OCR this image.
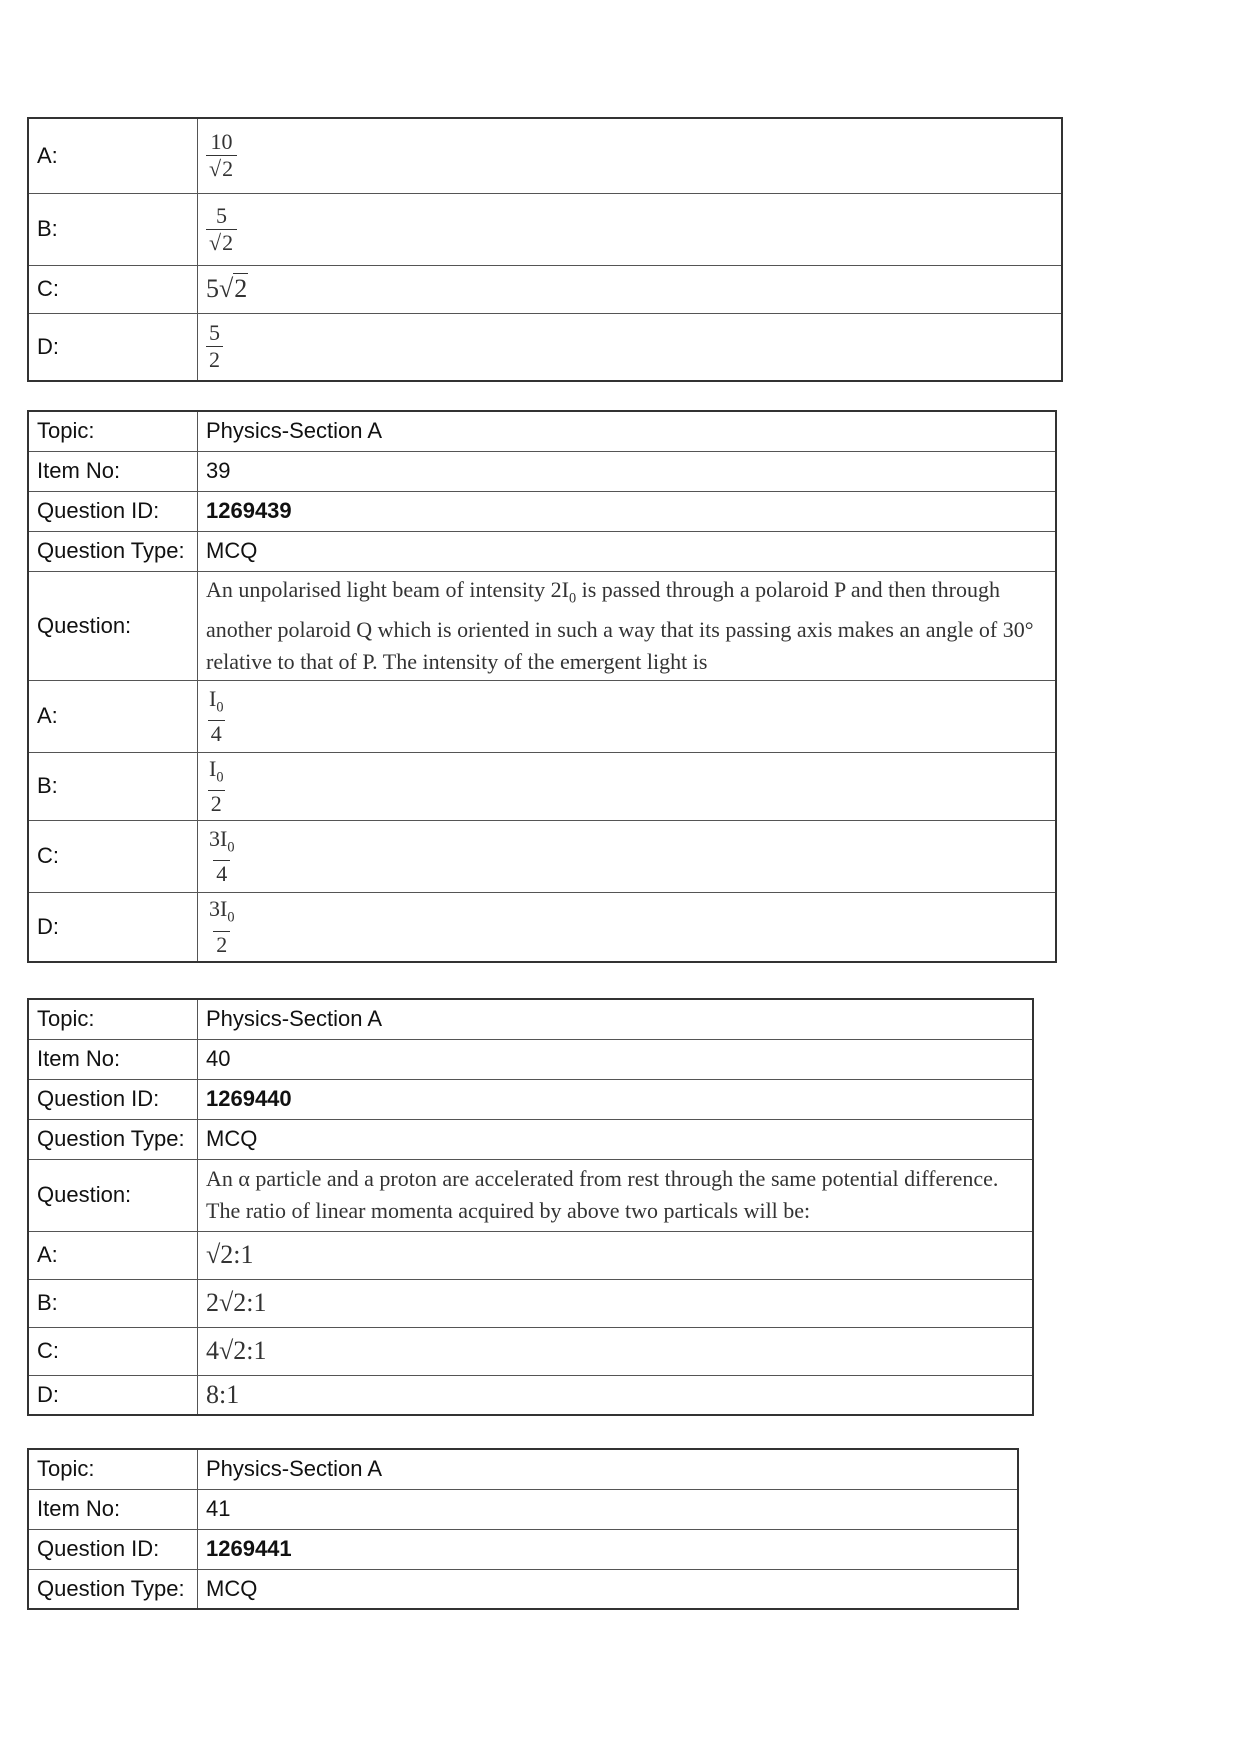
A:	$\frac{10}{√2}$

B:	$\frac{5}{√2}$

C:	5√2
D:	$\frac{5}{2}$
Topic:	Physics-Section A
Item No:	39
Question ID:	1269439
Question Type:	MCQ
Question:	An unpolarised light beam of intensity $2I_0$ is passed through a polaroid P and then through another polaroid Q which is oriented in such a way that its passing axis makes an angle of 30° relative to that of P. The intensity of the emergent light is
A:	$\frac{I_0}{4}$

B:	$\frac{I_0}{2}$

C:	$\frac{3I_0}{4}$

D:	$\frac{3I_0}{2}$
Topic:	Physics-Section A
Item No:	40
Question ID:	1269440
Question Type:	MCQ
Question:	An α particle and a proton are accelerated from rest through the same potential difference. The ratio of linear momenta acquired by above two particals will be:
A:	√2:1
B:	2√2:1
C:	4√2:1
D:	8:1
Topic:	Physics-Section A
Item No:	41
Question ID:	1269441
Question Type:	MCQ
